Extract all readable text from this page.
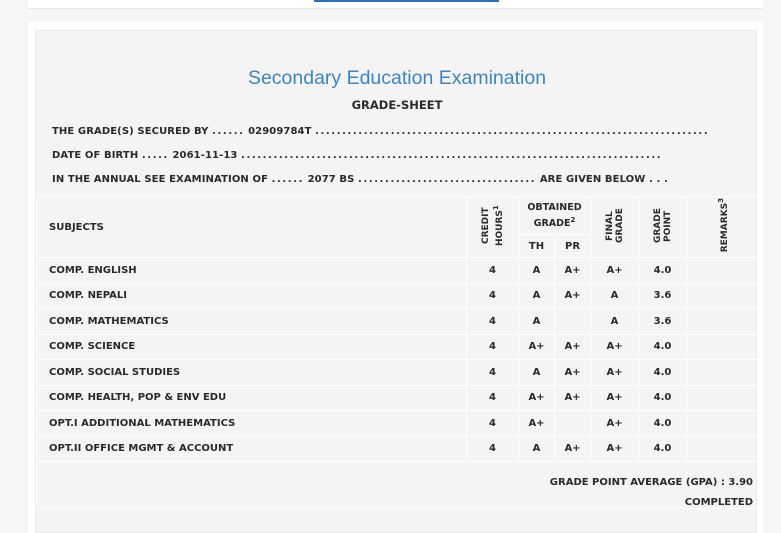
Secondary Education Examination
GRADE-SHEET
THE GRADE(S) SECURED BY ...... 02909784T .........................................................................
DATE OF BIRTH ..... 2061-11-13 ..............................................................................
IN THE ANNUAL SEE EXAMINATION OF ...... 2077 BS ................................. ARE GIVEN BELOW . . .
SUBJECTS	CREDIT HOURS$^1$	OBTAINED GRADE$^2$		FINAL GRADE	GRADE POINT	REMARKS$^3$
		TH	PR			
COMP. ENGLISH	4	A	A+	A+	4.0	
COMP. NEPALI	4	A	A+	A	3.6	
COMP. MATHEMATICS	4	A		A	3.6	
COMP. SCIENCE	4	A+	A+	A+	4.0	
COMP. SOCIAL STUDIES	4	A	A+	A+	4.0	
COMP. HEALTH, POP & ENV EDU	4	A+	A+	A+	4.0	
OPT.I ADDITIONAL MATHEMATICS	4	A+		A+	4.0	
OPT.II OFFICE MGMT & ACCOUNT	4	A	A+	A+	4.0	

GRADE POINT AVERAGE (GPA) : 3.90
COMPLETED						
